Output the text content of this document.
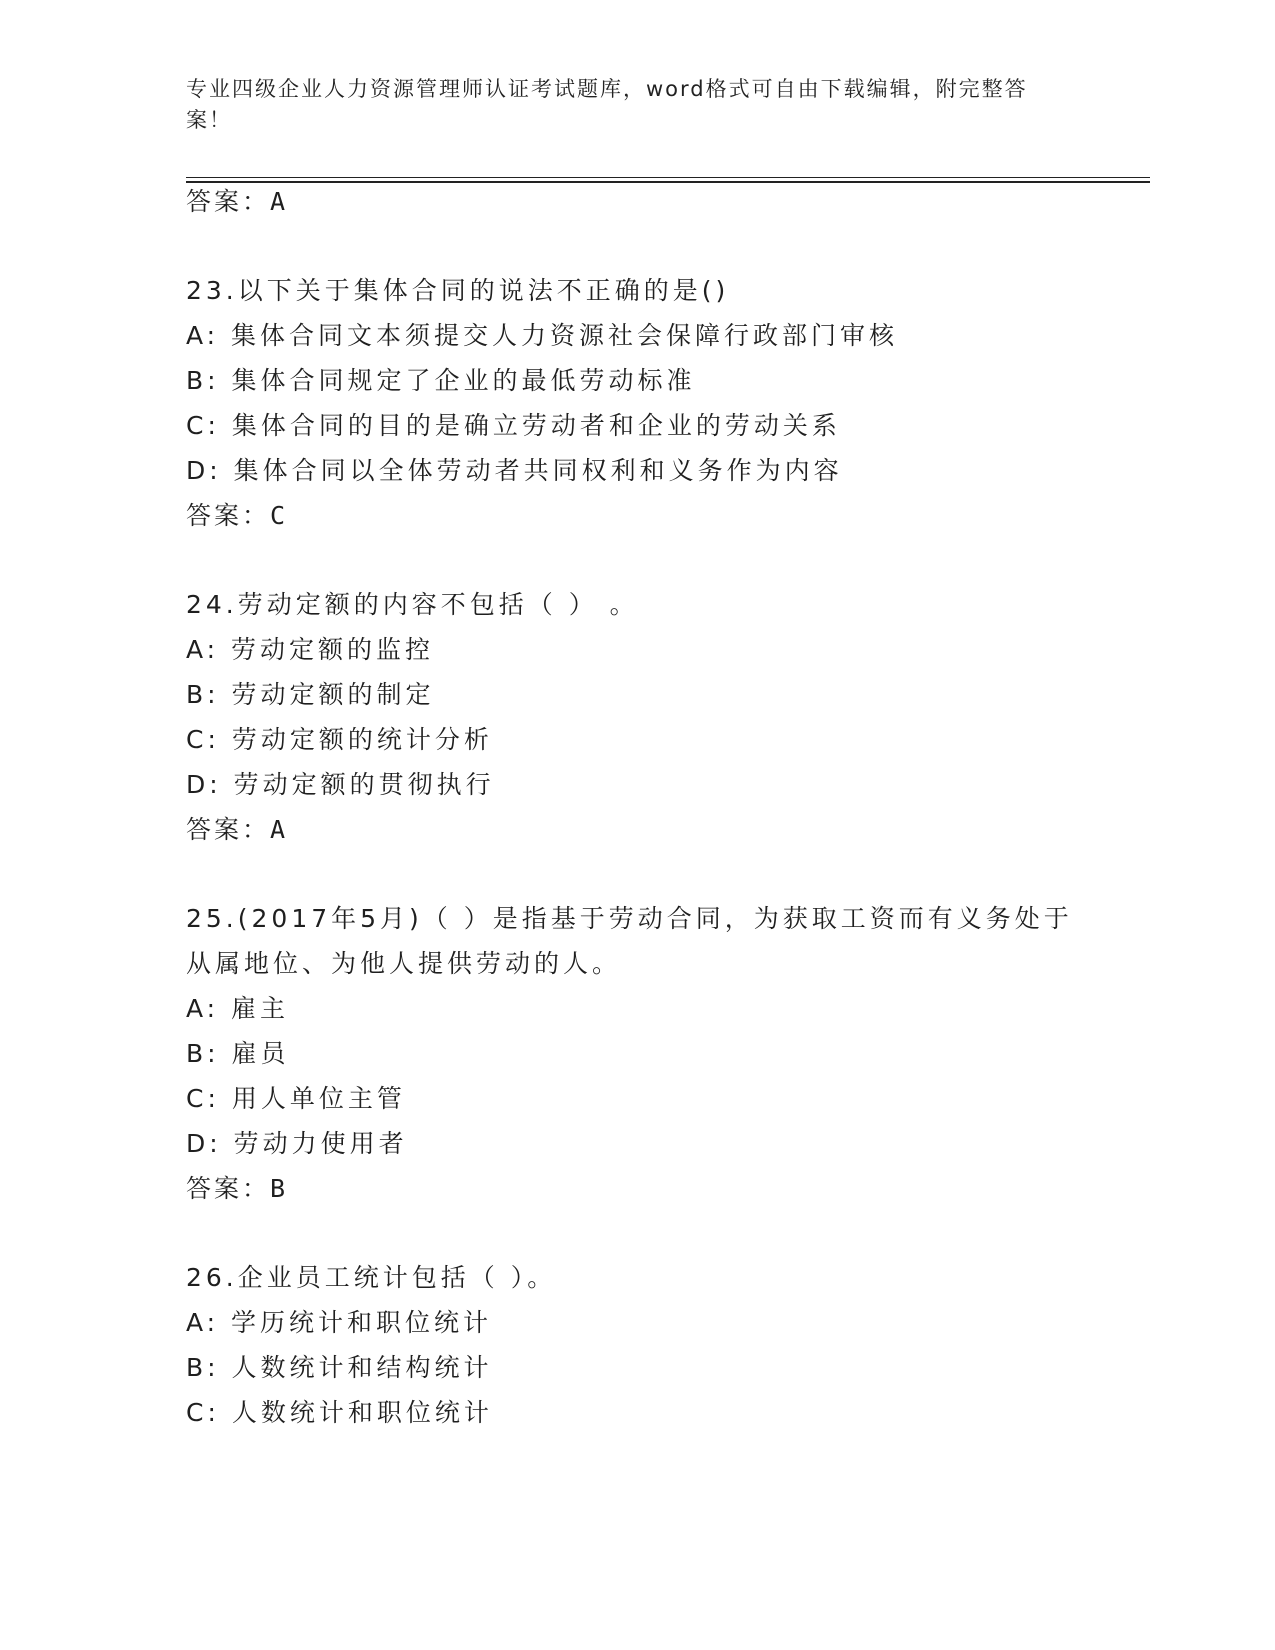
专业四级企业人力资源管理师认证考试题库，word格式可自由下载编辑，附完整答案！
答案：A
23.以下关于集体合同的说法不正确的是()
A: 集体合同文本须提交人力资源社会保障行政部门审核
B: 集体合同规定了企业的最低劳动标准
C: 集体合同的目的是确立劳动者和企业的劳动关系
D: 集体合同以全体劳动者共同权利和义务作为内容
答案：C
24.劳动定额的内容不包括（ ） 。
A: 劳动定额的监控
B: 劳动定额的制定
C: 劳动定额的统计分析
D: 劳动定额的贯彻执行
答案：A
25.(2017年5月)（ ）是指基于劳动合同，为获取工资而有义务处于
从属地位、为他人提供劳动的人。
A: 雇主
B: 雇员
C: 用人单位主管
D: 劳动力使用者
答案：B
26.企业员工统计包括（ ）。
A: 学历统计和职位统计
B: 人数统计和结构统计
C: 人数统计和职位统计
